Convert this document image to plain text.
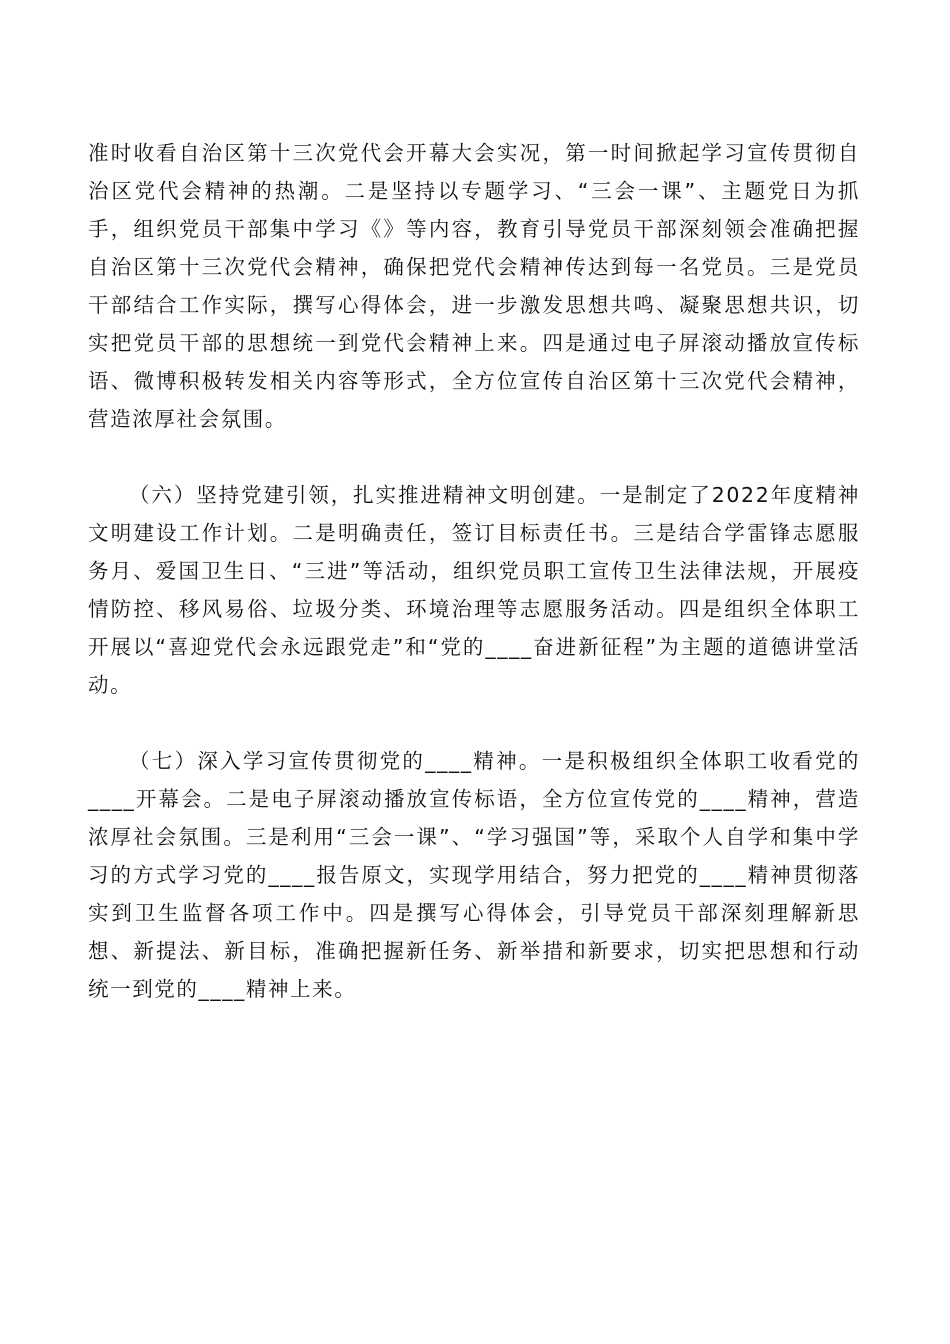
准时收看自治区第十三次党代会开幕大会实况，第一时间掀起学习宣传贯彻自治区党代会精神的热潮。二是坚持以专题学习、“三会一课”、主题党日为抓手，组织党员干部集中学习《》等内容，教育引导党员干部深刻领会准确把握自治区第十三次党代会精神，确保把党代会精神传达到每一名党员。三是党员干部结合工作实际，撰写心得体会，进一步激发思想共鸣、凝聚思想共识，切实把党员干部的思想统一到党代会精神上来。四是通过电子屏滚动播放宣传标语、微博积极转发相关内容等形式，全方位宣传自治区第十三次党代会精神，营造浓厚社会氛围。

（六）坚持党建引领，扎实推进精神文明创建。一是制定了2022年度精神文明建设工作计划。二是明确责任，签订目标责任书。三是结合学雷锋志愿服务月、爱国卫生日、“三进”等活动，组织党员职工宣传卫生法律法规，开展疫情防控、移风易俗、垃圾分类、环境治理等志愿服务活动。四是组织全体职工开展以“喜迎党代会永远跟党走”和“党的____奋进新征程”为主题的道德讲堂活动。

（七）深入学习宣传贯彻党的____精神。一是积极组织全体职工收看党的____开幕会。二是电子屏滚动播放宣传标语，全方位宣传党的____精神，营造浓厚社会氛围。三是利用“三会一课”、“学习强国”等，采取个人自学和集中学习的方式学习党的____报告原文，实现学用结合，努力把党的____精神贯彻落实到卫生监督各项工作中。四是撰写心得体会，引导党员干部深刻理解新思想、新提法、新目标，准确把握新任务、新举措和新要求，切实把思想和行动统一到党的____精神上来。
